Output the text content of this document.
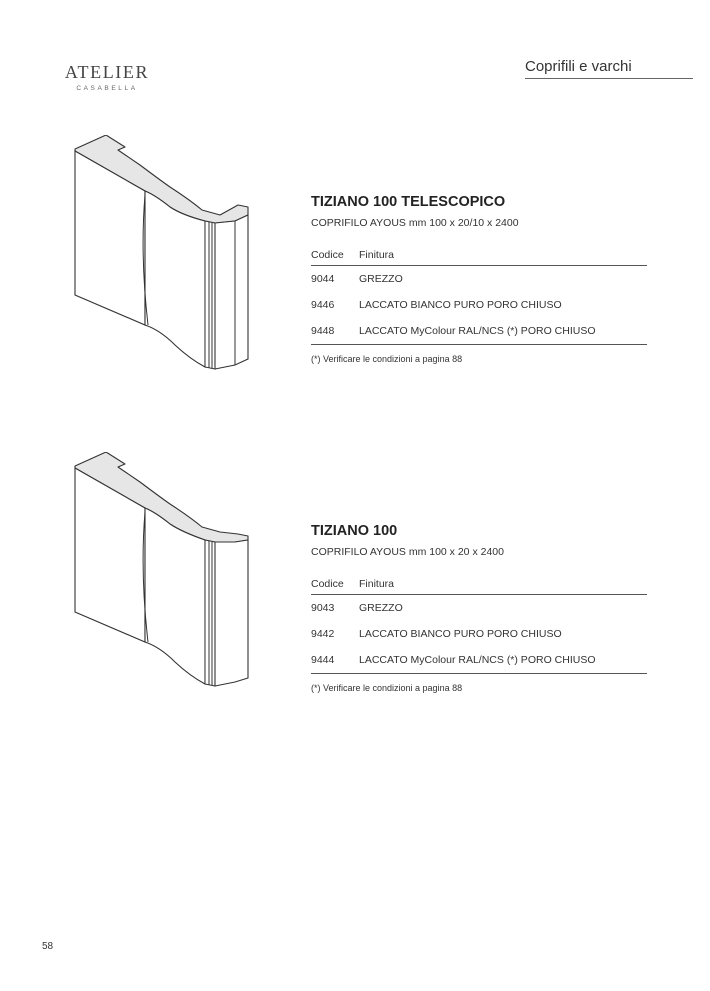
ATELIER
CASABELLA
Coprifili e varchi
TIZIANO 100 TELESCOPICO
COPRIFILO AYOUS mm 100 x 20/10 x 2400
Codice	Finitura
9044	GREZZO
9446	LACCATO BIANCO PURO PORO CHIUSO
9448	LACCATO MyColour RAL/NCS (*) PORO CHIUSO
(*) Verificare le condizioni a pagina 88
TIZIANO 100
COPRIFILO AYOUS mm 100 x 20 x 2400
Codice	Finitura
9043	GREZZO
9442	LACCATO BIANCO PURO PORO CHIUSO
9444	LACCATO MyColour RAL/NCS (*) PORO CHIUSO
(*) Verificare le condizioni a pagina 88
58
